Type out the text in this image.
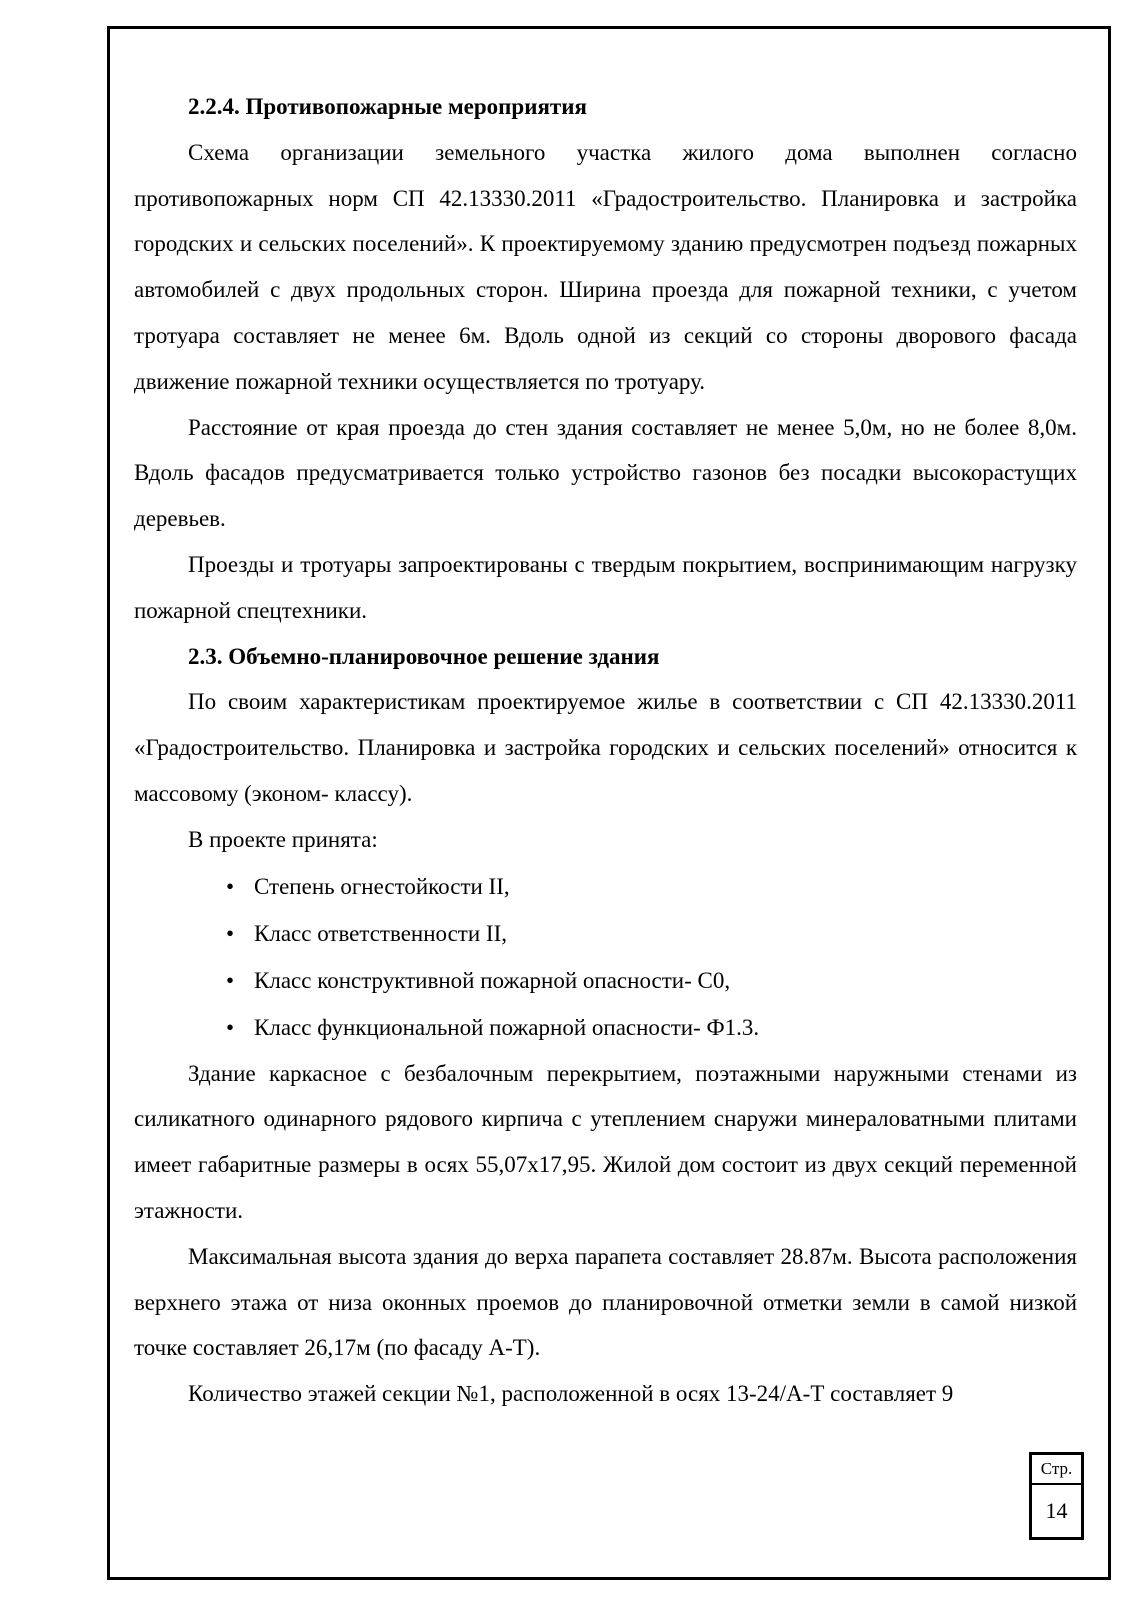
2.2.4. Противопожарные мероприятия

Схема организации земельного участка жилого дома выполнен согласно противопожарных норм СП 42.13330.2011 «Градостроительство. Планировка и застройка городских и сельских поселений». К проектируемому зданию предусмотрен подъезд пожарных автомобилей с двух продольных сторон. Ширина проезда для пожарной техники, с учетом тротуара составляет не менее 6м. Вдоль одной из секций со стороны дворового фасада движение пожарной техники осуществляется по тротуару.

Расстояние от края проезда до стен здания составляет не менее 5,0м, но не более 8,0м. Вдоль фасадов предусматривается только устройство газонов без посадки высокорастущих деревьев.

Проезды и тротуары запроектированы с твердым покрытием, воспринимающим нагрузку пожарной спецтехники.

2.3. Объемно-планировочное решение здания

По своим характеристикам проектируемое жилье в соответствии с СП 42.13330.2011 «Градостроительство. Планировка и застройка городских и сельских поселений» относится к массовому (эконом- классу).

В проекте принята:

• Степень огнестойкости II,
• Класс ответственности II,
• Класс конструктивной пожарной опасности- С0,
• Класс функциональной пожарной опасности- Ф1.3.

Здание каркасное с безбалочным перекрытием, поэтажными наружными стенами из силикатного одинарного рядового кирпича с утеплением снаружи минераловатными плитами имеет габаритные размеры в осях 55,07х17,95. Жилой дом состоит из двух секций переменной этажности.

Максимальная высота здания до верха парапета составляет 28.87м. Высота расположения верхнего этажа от низа оконных проемов до планировочной отметки земли в самой низкой точке составляет 26,17м (по фасаду А-Т).

Количество этажей секции №1, расположенной в осях 13-24/А-Т составляет 9

Стр.
14
